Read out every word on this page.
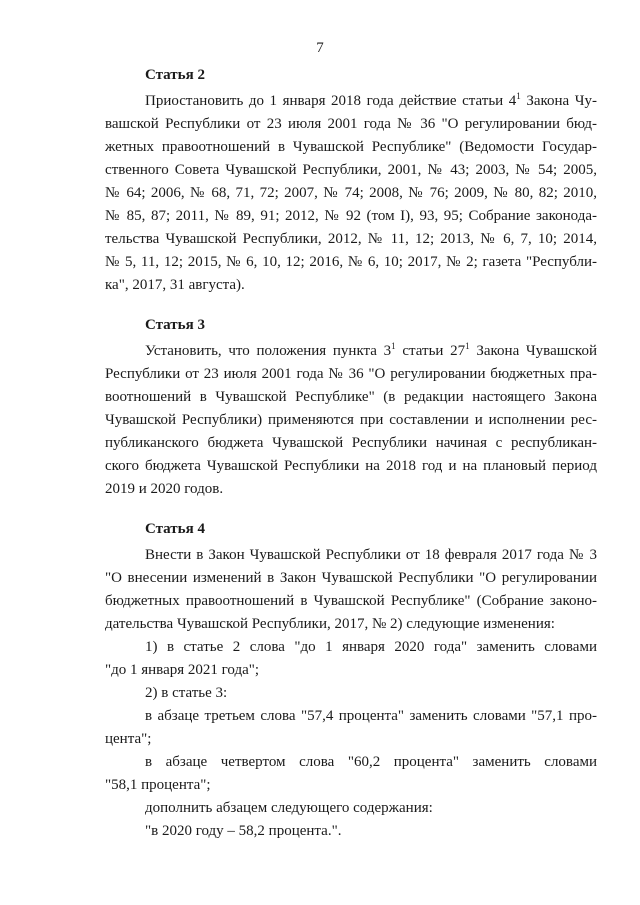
7
Статья 2
Приостановить до 1 января 2018 года действие статьи $4^1$ Закона Чу-
вашской Республики от 23 июля 2001 года № 36 "О регулировании бюд-
жетных правоотношений в Чувашской Республике" (Ведомости Государ-
ственного Совета Чувашской Республики, 2001, № 43; 2003, № 54; 2005,
№ 64; 2006, № 68, 71, 72; 2007, № 74; 2008, № 76; 2009, № 80, 82; 2010,
№ 85, 87; 2011, № 89, 91; 2012, № 92 (том I), 93, 95; Собрание законода-
тельства Чувашской Республики, 2012, № 11, 12; 2013, № 6, 7, 10; 2014,
№ 5, 11, 12; 2015, № 6, 10, 12; 2016, № 6, 10; 2017, № 2; газета "Республи-
ка", 2017, 31 августа).
Статья 3
Установить, что положения пункта $3^1$ статьи $27^1$ Закона Чувашской
Республики от 23 июля 2001 года № 36 "О регулировании бюджетных пра-
воотношений в Чувашской Республике" (в редакции настоящего Закона
Чувашской Республики) применяются при составлении и исполнении рес-
публиканского бюджета Чувашской Республики начиная с республикан-
ского бюджета Чувашской Республики на 2018 год и на плановый период
2019 и 2020 годов.
Статья 4
Внести в Закон Чувашской Республики от 18 февраля 2017 года № 3
"О внесении изменений в Закон Чувашской Республики "О регулировании
бюджетных правоотношений в Чувашской Республике" (Собрание законо-
дательства Чувашской Республики, 2017, № 2) следующие изменения:
1) в статье 2 слова "до 1 января 2020 года" заменить словами
"до 1 января 2021 года";
2) в статье 3:
в абзаце третьем слова "57,4 процента" заменить словами "57,1 про-
цента";
в абзаце четвертом слова "60,2 процента" заменить словами
"58,1 процента";
дополнить абзацем следующего содержания:
"в 2020 году – 58,2 процента.".
